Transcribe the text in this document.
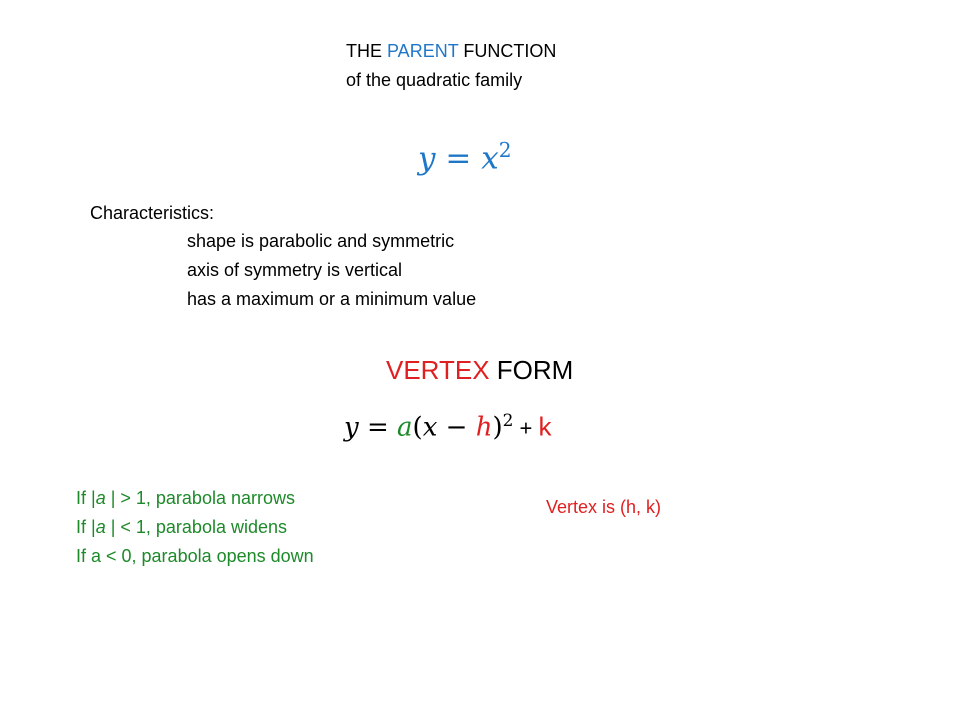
THE PARENT FUNCTION
of the quadratic family
$y = x^2$
Characteristics:
shape is parabolic and symmetric
axis of symmetry is vertical
has a maximum or a minimum value
VERTEX FORM
$y = a(x - h)^2 + k$
If |a | > 1, parabola narrows
If |a | < 1, parabola widens
If a < 0, parabola opens down
Vertex is (h, k)
